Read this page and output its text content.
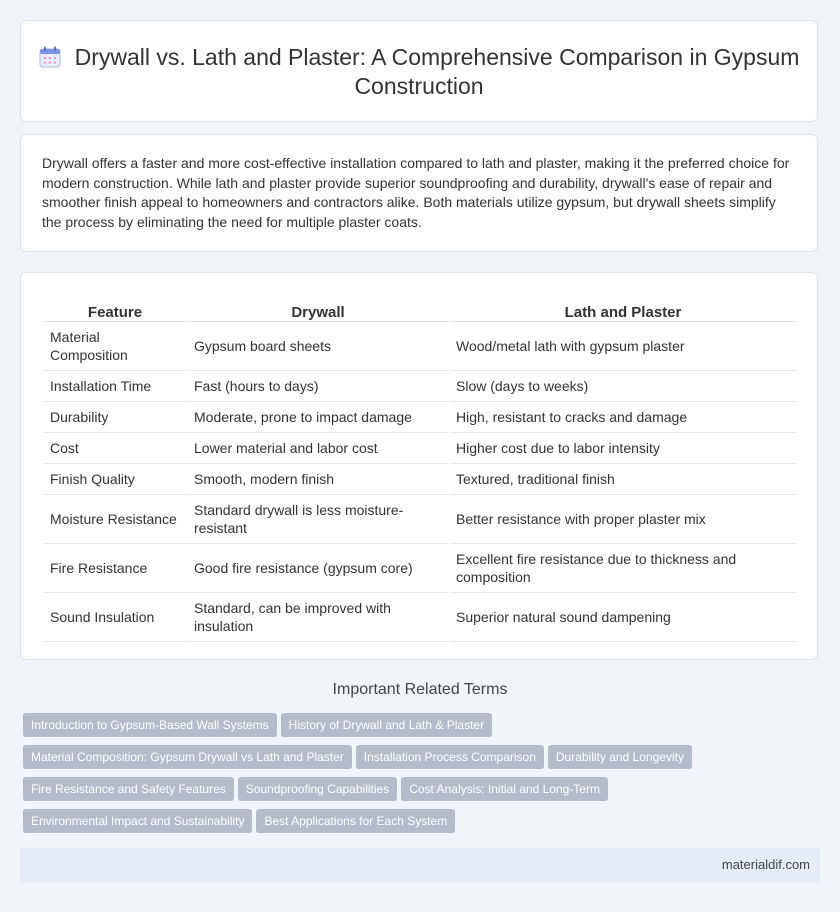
Drywall vs. Lath and Plaster: A Comprehensive Comparison in Gypsum Construction

Drywall offers a faster and more cost-effective installation compared to lath and plaster, making it the preferred choice for modern construction. While lath and plaster provide superior soundproofing and durability, drywall's ease of repair and smoother finish appeal to homeowners and contractors alike. Both materials utilize gypsum, but drywall sheets simplify the process by eliminating the need for multiple plaster coats.

Feature	Drywall	Lath and Plaster
Material Composition	Gypsum board sheets	Wood/metal lath with gypsum plaster
Installation Time	Fast (hours to days)	Slow (days to weeks)
Durability	Moderate, prone to impact damage	High, resistant to cracks and damage
Cost	Lower material and labor cost	Higher cost due to labor intensity
Finish Quality	Smooth, modern finish	Textured, traditional finish
Moisture Resistance	Standard drywall is less moisture-resistant	Better resistance with proper plaster mix
Fire Resistance	Good fire resistance (gypsum core)	Excellent fire resistance due to thickness and composition
Sound Insulation	Standard, can be improved with insulation	Superior natural sound dampening
Important Related Terms
Introduction to Gypsum-Based Wall Systems History of Drywall and Lath & Plaster
Material Composition: Gypsum Drywall vs Lath and Plaster Installation Process Comparison Durability and Longevity
Fire Resistance and Safety Features Soundproofing Capabilities Cost Analysis: Initial and Long-Term
Environmental Impact and Sustainability Best Applications for Each System
materialdif.com
